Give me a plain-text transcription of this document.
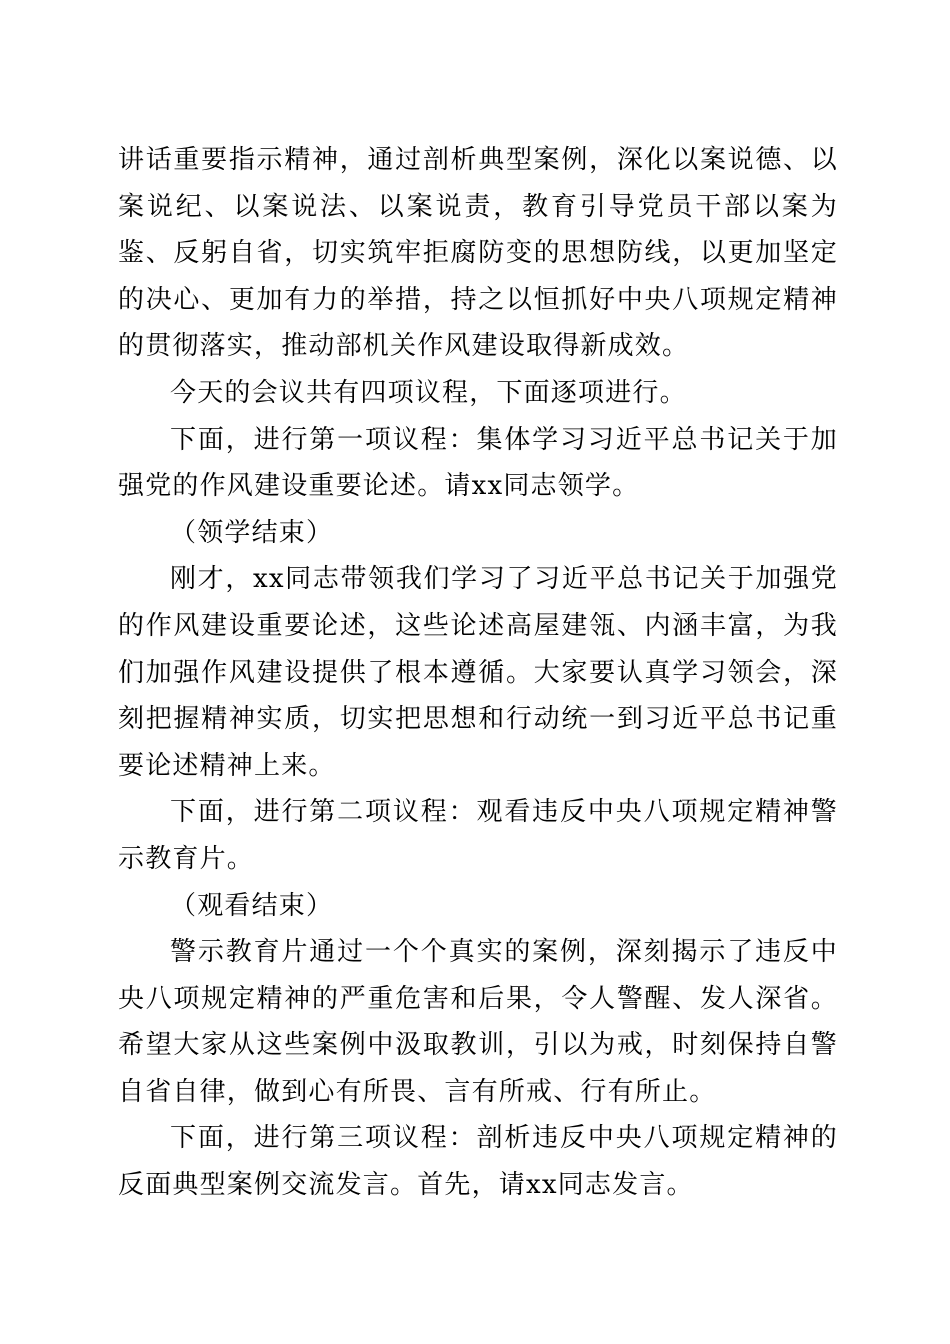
讲话重要指示精神，通过剖析典型案例，深化以案说德、以案说纪、以案说法、以案说责，教育引导党员干部以案为鉴、反躬自省，切实筑牢拒腐防变的思想防线，以更加坚定的决心、更加有力的举措，持之以恒抓好中央八项规定精神的贯彻落实，推动部机关作风建设取得新成效。

今天的会议共有四项议程，下面逐项进行。

下面，进行第一项议程：集体学习习近平总书记关于加强党的作风建设重要论述。请xx同志领学。

（领学结束）

刚才，xx同志带领我们学习了习近平总书记关于加强党的作风建设重要论述，这些论述高屋建瓴、内涵丰富，为我们加强作风建设提供了根本遵循。大家要认真学习领会，深刻把握精神实质，切实把思想和行动统一到习近平总书记重要论述精神上来。

下面，进行第二项议程：观看违反中央八项规定精神警示教育片。

（观看结束）

警示教育片通过一个个真实的案例，深刻揭示了违反中央八项规定精神的严重危害和后果，令人警醒、发人深省。希望大家从这些案例中汲取教训，引以为戒，时刻保持自警自省自律，做到心有所畏、言有所戒、行有所止。

下面，进行第三项议程：剖析违反中央八项规定精神的反面典型案例交流发言。首先，请xx同志发言。
